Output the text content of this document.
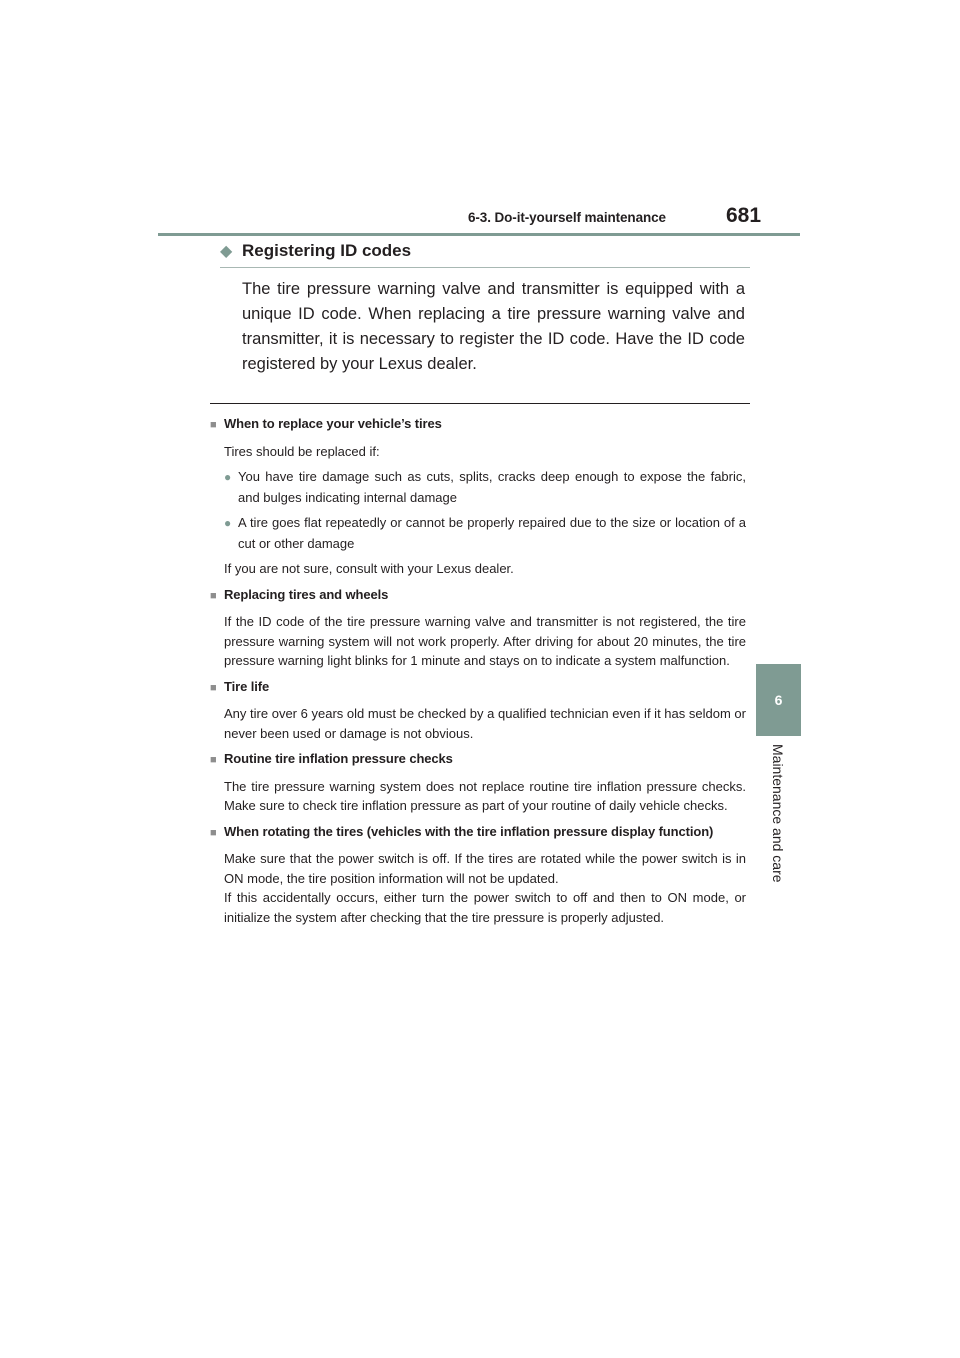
6-3. Do-it-yourself maintenance	681
6
Maintenance and care
◆ Registering ID codes

The tire pressure warning valve and transmitter is equipped with a unique ID code. When replacing a tire pressure warning valve and transmitter, it is necessary to register the ID code. Have the ID code registered by your Lexus dealer.

■ When to replace your vehicle’s tires
Tires should be replaced if:
● You have tire damage such as cuts, splits, cracks deep enough to expose the fabric, and bulges indicating internal damage
● A tire goes flat repeatedly or cannot be properly repaired due to the size or location of a cut or other damage
If you are not sure, consult with your Lexus dealer.
■ Replacing tires and wheels
If the ID code of the tire pressure warning valve and transmitter is not registered, the tire pressure warning system will not work properly. After driving for about 20 minutes, the tire pressure warning light blinks for 1 minute and stays on to indicate a system malfunction.
■ Tire life
Any tire over 6 years old must be checked by a qualified technician even if it has seldom or never been used or damage is not obvious.
■ Routine tire inflation pressure checks
The tire pressure warning system does not replace routine tire inflation pressure checks. Make sure to check tire inflation pressure as part of your routine of daily vehicle checks.
■ When rotating the tires (vehicles with the tire inflation pressure display function)
Make sure that the power switch is off. If the tires are rotated while the power switch is in ON mode, the tire position information will not be updated.
If this accidentally occurs, either turn the power switch to off and then to ON mode, or initialize the system after checking that the tire pressure is properly adjusted.
